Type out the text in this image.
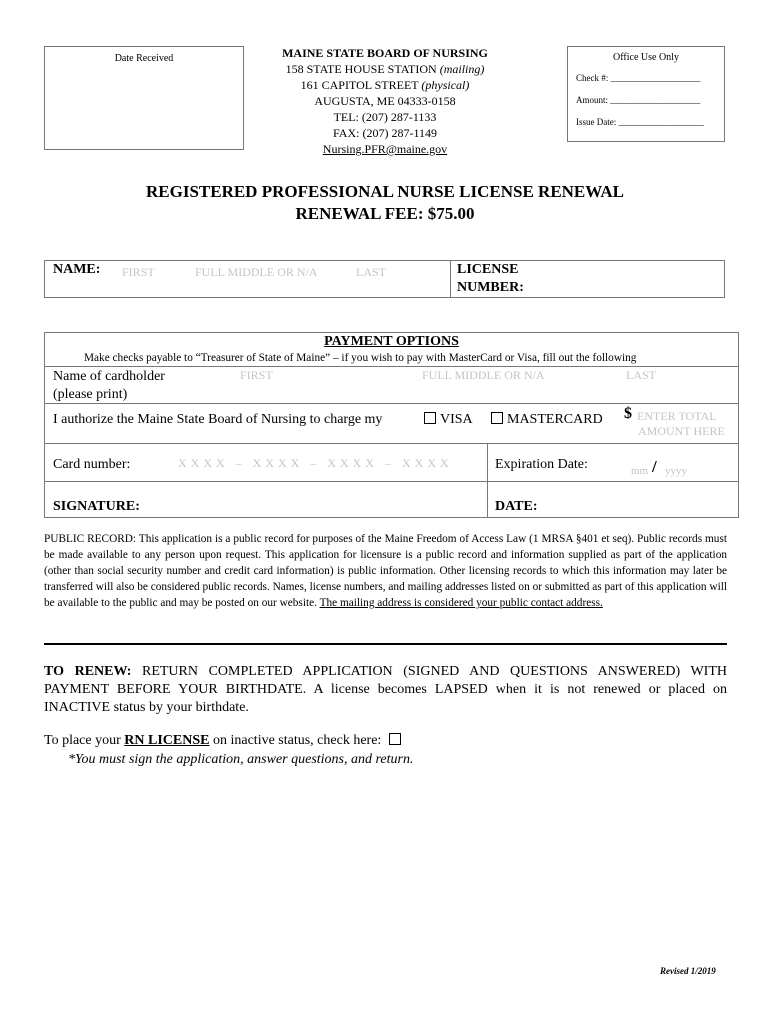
Date Received	MAINE STATE BOARD OF NURSING
158 STATE HOUSE STATION (mailing)
161 CAPITOL STREET (physical)
AUGUSTA, ME 04333-0158
TEL: (207) 287-1133
FAX: (207) 287-1149
Nursing.PFR@maine.gov
Office Use Only
Check #: ____________________
Amount: ____________________
Issue Date: ___________________
REGISTERED PROFESSIONAL NURSE LICENSE RENEWAL
RENEWAL FEE: $75.00
NAME: FIRST	FULL MIDDLE OR N/A	LAST	LICENSE
NUMBER:
PAYMENT OPTIONS
Make checks payable to “Treasurer of State of Maine” – if you wish to pay with MasterCard or Visa, fill out the following
Name of cardholder
(please print)
FIRST	FULL MIDDLE OR N/A	LAST
I authorize the Maine State Board of Nursing to charge my	VISA	MASTERCARD $ ENTER TOTAL
AMOUNT HERE
Card number:	X X X X   –   X X X X   –   X X X X   –   X X X X	Expiration Date:	mm / yyyy
SIGNATURE:	DATE:
PUBLIC RECORD: This application is a public record for purposes of the Maine Freedom of Access Law (1 MRSA §401 et seq). Public records must be made available to any person upon request. This application for licensure is a public record and information supplied as part of the application (other than social security number and credit card information) is public information. Other licensing records to which this information may later be transferred will also be considered public records. Names, license numbers, and mailing addresses listed on or submitted as part of this application will be available to the public and may be posted on our website. The mailing address is considered your public contact address.
TO RENEW: RETURN COMPLETED APPLICATION (SIGNED AND QUESTIONS ANSWERED) WITH PAYMENT BEFORE YOUR BIRTHDATE. A license becomes LAPSED when it is not renewed or placed on INACTIVE status by your birthdate.
To place your RN LICENSE on inactive status, check here:
*You must sign the application, answer questions, and return.
Revised 1/2019
